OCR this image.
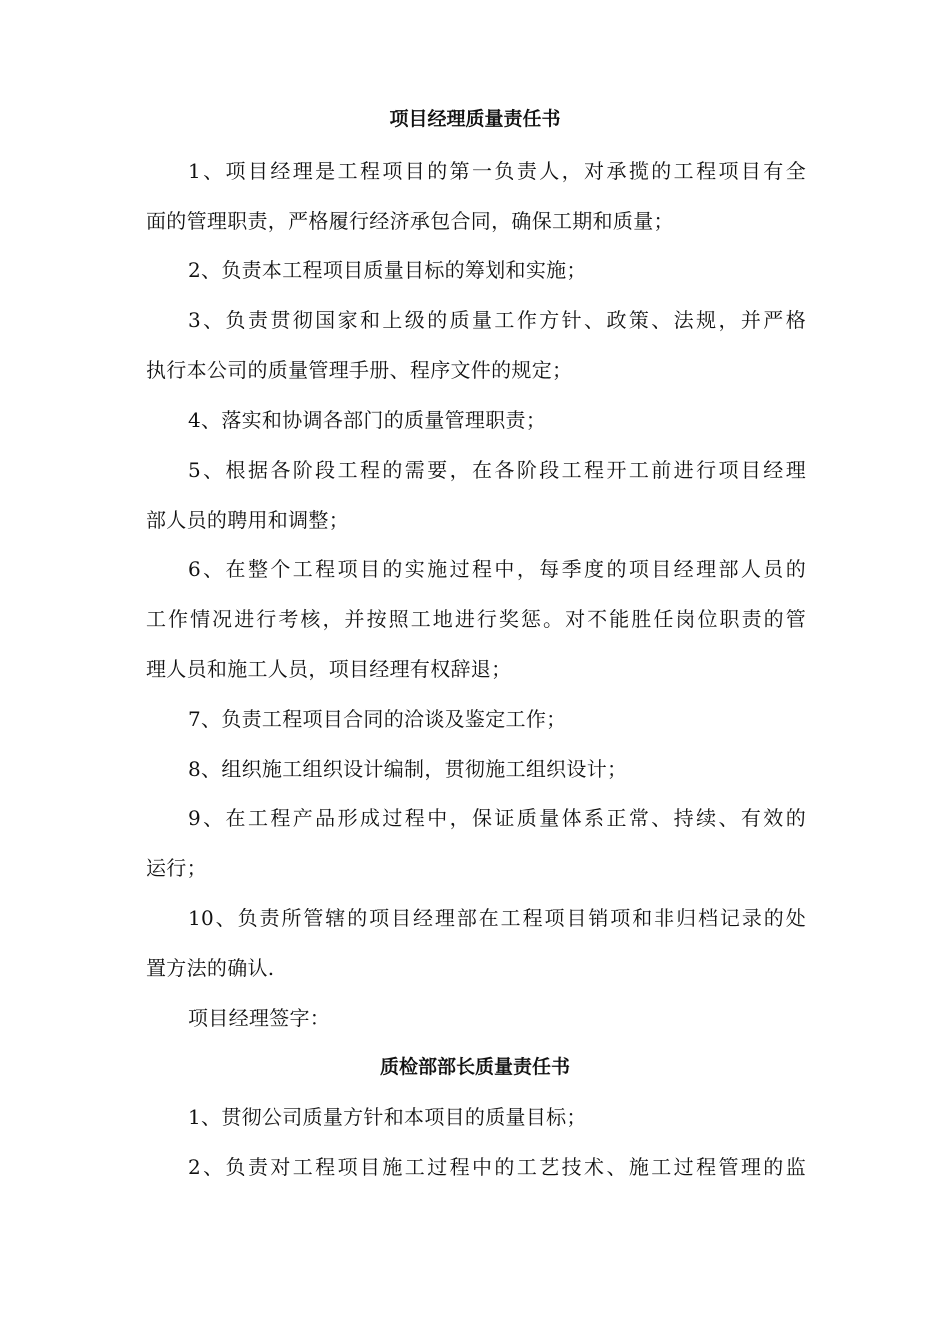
项目经理质量责任书
1、项目经理是工程项目的第一负责人，对承揽的工程项目有全
面的管理职责，严格履行经济承包合同，确保工期和质量；
2、负责本工程项目质量目标的筹划和实施；
3、负责贯彻国家和上级的质量工作方针、政策、法规，并严格
执行本公司的质量管理手册、程序文件的规定；
4、落实和协调各部门的质量管理职责；
5、根据各阶段工程的需要，在各阶段工程开工前进行项目经理
部人员的聘用和调整；
6、在整个工程项目的实施过程中，每季度的项目经理部人员的
工作情况进行考核，并按照工地进行奖惩。对不能胜任岗位职责的管
理人员和施工人员，项目经理有权辞退；
7、负责工程项目合同的洽谈及鉴定工作；
8、组织施工组织设计编制，贯彻施工组织设计；
9、在工程产品形成过程中，保证质量体系正常、持续、有效的
运行；
10、负责所管辖的项目经理部在工程项目销项和非归档记录的处
置方法的确认.
项目经理签字：
质检部部长质量责任书
1、贯彻公司质量方针和本项目的质量目标；
2、负责对工程项目施工过程中的工艺技术、施工过程管理的监
